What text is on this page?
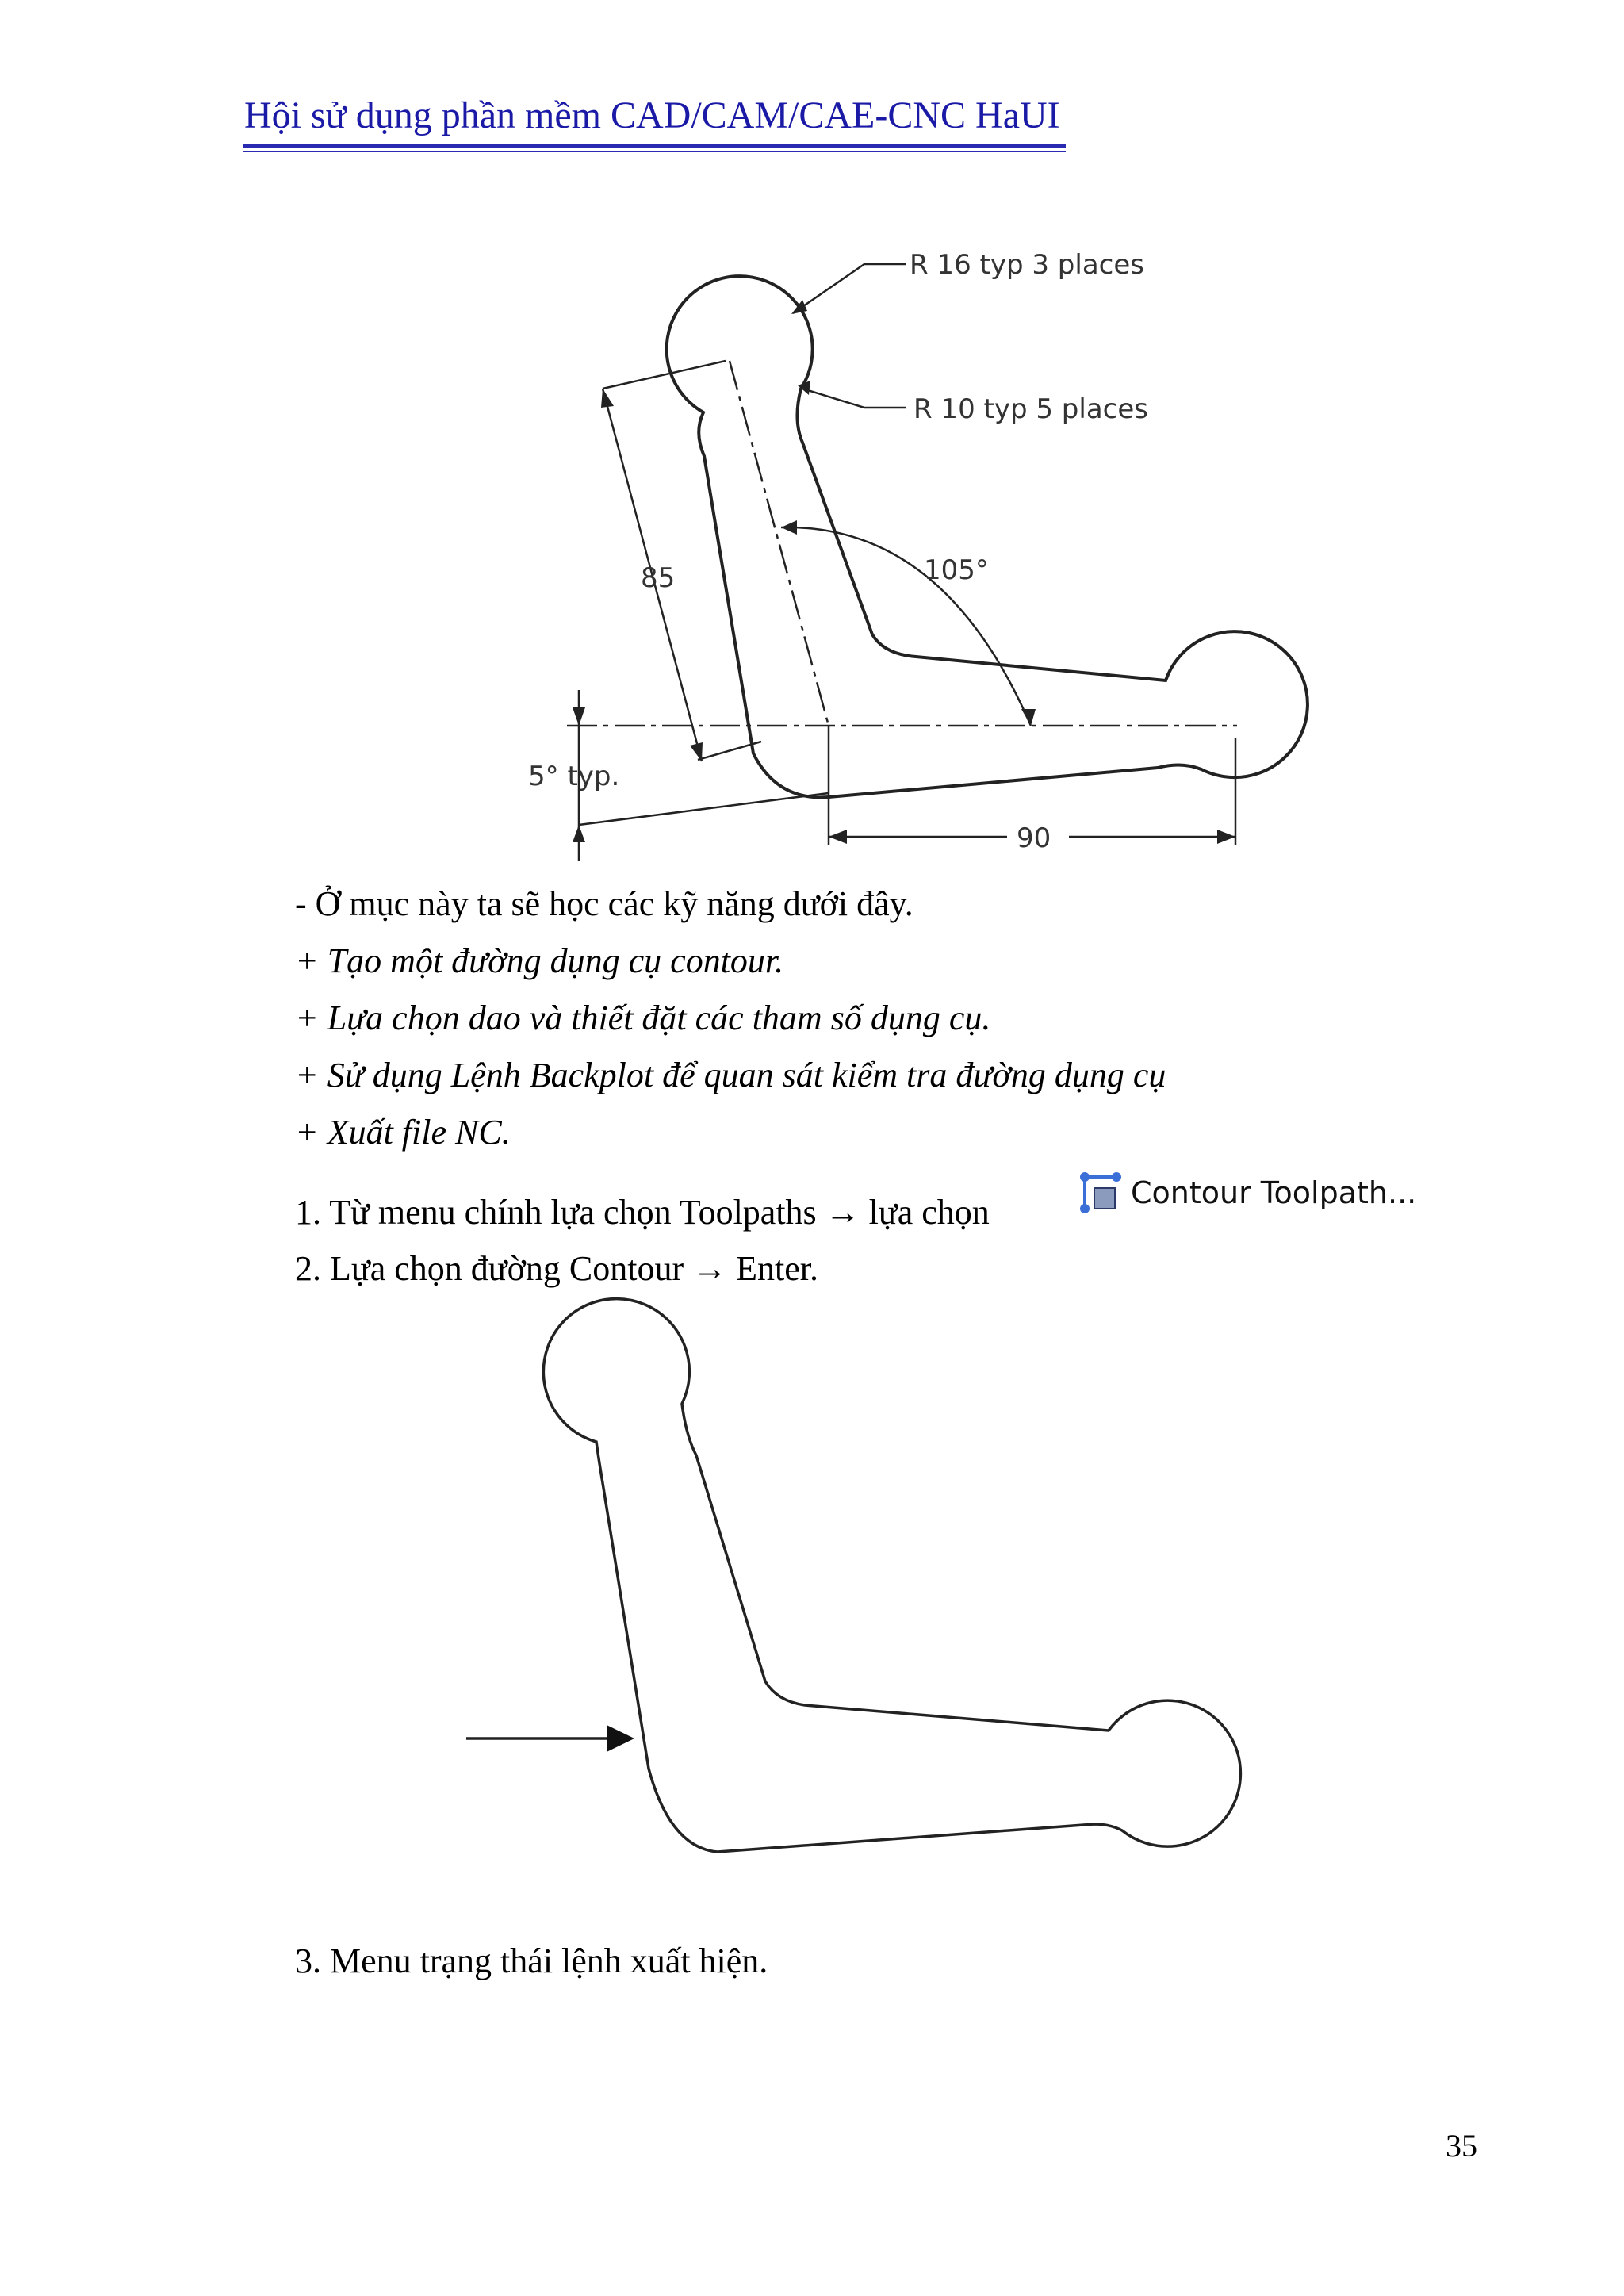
Hội sử dụng phần mềm CAD/CAM/CAE-CNC HaUI
R 16 typ 3 places
R 10 typ 5 places
85	105°
5° typ.
90
- Ở mục này ta sẽ học các kỹ năng dưới đây.
+ Tạo một đường dụng cụ contour.
+ Lựa chọn dao và thiết đặt các tham số dụng cụ.
+ Sử dụng Lệnh Backplot để quan sát kiểm tra đường dụng cụ
+ Xuất file NC.
1. Từ menu chính lựa chọn Toolpaths → lựa chọn	Contour Toolpath...
2. Lựa chọn đường Contour → Enter.
3. Menu trạng thái lệnh xuất hiện.
35
